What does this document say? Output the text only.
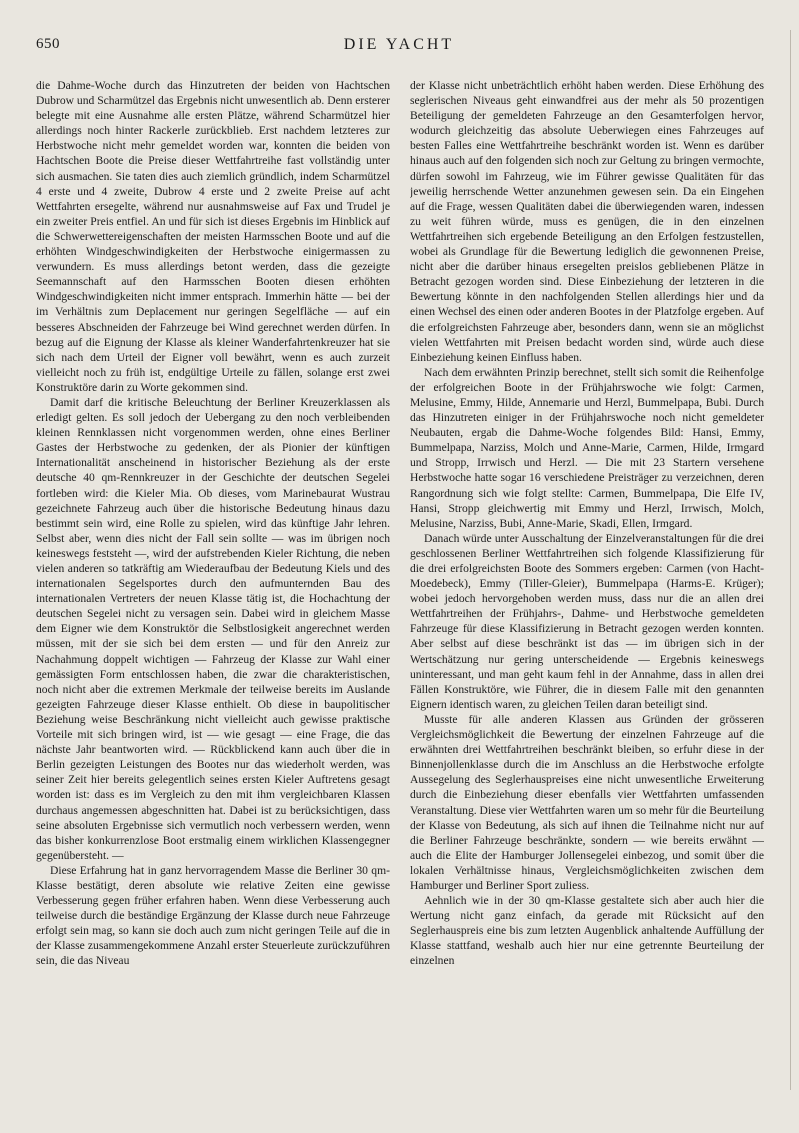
650	DIE YACHT

die Dahme-Woche durch das Hinzutreten der beiden von Hachtschen Dubrow und Scharmützel das Ergebnis nicht unwesentlich ab. Denn ersterer belegte mit eine Ausnahme alle ersten Plätze, während Scharmützel hier allerdings noch hinter Rackerle zurückblieb. Erst nachdem letzteres zur Herbstwoche nicht mehr gemeldet worden war, konnten die beiden von Hachtschen Boote die Preise dieser Wettfahrtreihe fast vollständig unter sich ausmachen. Sie taten dies auch ziemlich gründlich, indem Scharmützel 4 erste und 4 zweite, Dubrow 4 erste und 2 zweite Preise auf acht Wettfahrten ersegelte, während nur ausnahmsweise auf Fax und Trudel je ein zweiter Preis entfiel. An und für sich ist dieses Ergebnis im Hinblick auf die Schwerwettereigenschaften der meisten Harmsschen Boote und auf die erhöhten Windgeschwindigkeiten der Herbstwoche einigermassen zu verwundern. Es muss allerdings betont werden, dass die gezeigte Seemannschaft auf den Harmsschen Booten diesen erhöhten Windgeschwindigkeiten nicht immer entsprach. Immerhin hätte — bei der im Verhältnis zum Deplacement nur geringen Segelfläche — auf ein besseres Abschneiden der Fahrzeuge bei Wind gerechnet werden dürfen. In bezug auf die Eignung der Klasse als kleiner Wanderfahrtenkreuzer hat sie sich nach dem Urteil der Eigner voll bewährt, wenn es auch zurzeit vielleicht noch zu früh ist, endgültige Urteile zu fällen, solange erst zwei Konstruktöre darin zu Worte gekommen sind.

Damit darf die kritische Beleuchtung der Berliner Kreuzerklassen als erledigt gelten. Es soll jedoch der Uebergang zu den noch verbleibenden kleinen Rennklassen nicht vorgenommen werden, ohne eines Berliner Gastes der Herbstwoche zu gedenken, der als Pionier der künftigen Internationalität anscheinend in historischer Beziehung als der erste deutsche 40 qm-Rennkreuzer in der Geschichte der deutschen Segelei fortleben wird: die Kieler Mia. Ob dieses, vom Marinebaurat Wustrau gezeichnete Fahrzeug auch über die historische Bedeutung hinaus dazu bestimmt sein wird, eine Rolle zu spielen, wird das künftige Jahr lehren. Selbst aber, wenn dies nicht der Fall sein sollte — was im übrigen noch keineswegs feststeht —, wird der aufstrebenden Kieler Richtung, die neben vielen anderen so tatkräftig am Wiederaufbau der Bedeutung Kiels und des internationalen Segelsportes durch den aufmunternden Bau des internationalen Vertreters der neuen Klasse tätig ist, die Hochachtung der deutschen Segelei nicht zu versagen sein. Dabei wird in gleichem Masse dem Eigner wie dem Konstruktör die Selbstlosigkeit angerechnet werden müssen, mit der sie sich bei dem ersten — und für den Anreiz zur Nachahmung doppelt wichtigen — Fahrzeug der Klasse zur Wahl einer gemässigten Form entschlossen haben, die zwar die charakteristischen, noch nicht aber die extremen Merkmale der teilweise bereits im Auslande gezeigten Fahrzeuge dieser Klasse enthielt. Ob diese in baupolitischer Beziehung weise Beschränkung nicht vielleicht auch gewisse praktische Vorteile mit sich bringen wird, ist — wie gesagt — eine Frage, die das nächste Jahr beantworten wird. — Rückblickend kann auch über die in Berlin gezeigten Leistungen des Bootes nur das wiederholt werden, was seiner Zeit hier bereits gelegentlich seines ersten Kieler Auftretens gesagt worden ist: dass es im Vergleich zu den mit ihm vergleichbaren Klassen durchaus angemessen abgeschnitten hat. Dabei ist zu berücksichtigen, dass seine absoluten Ergebnisse sich vermutlich noch verbessern werden, wenn das bisher konkurrenzlose Boot erstmalig einem wirklichen Klassengegner gegenübersteht. —

Diese Erfahrung hat in ganz hervorragendem Masse die Berliner 30 qm-Klasse bestätigt, deren absolute wie relative Zeiten eine gewisse Verbesserung gegen früher erfahren haben. Wenn diese Verbesserung auch teilweise durch die beständige Ergänzung der Klasse durch neue Fahrzeuge erfolgt sein mag, so kann sie doch auch zum nicht geringen Teile auf die in der Klasse zusammengekommene Anzahl erster Steuerleute zurückzuführen sein, die das Niveau

der Klasse nicht unbeträchtlich erhöht haben werden. Diese Erhöhung des seglerischen Niveaus geht einwandfrei aus der mehr als 50 prozentigen Beteiligung der gemeldeten Fahrzeuge an den Gesamterfolgen hervor, wodurch gleichzeitig das absolute Ueberwiegen eines Fahrzeuges auf besten Falles eine Wettfahrtreihe beschränkt worden ist. Wenn es darüber hinaus auch auf den folgenden sich noch zur Geltung zu bringen vermochte, dürfen sowohl im Fahrzeug, wie im Führer gewisse Qualitäten für das jeweilig herrschende Wetter anzunehmen gewesen sein. Da ein Eingehen auf die Frage, wessen Qualitäten dabei die überwiegenden waren, indessen zu weit führen würde, muss es genügen, die in den einzelnen Wettfahrtreihen sich ergebende Beteiligung an den Erfolgen festzustellen, wobei als Grundlage für die Bewertung lediglich die gewonnenen Preise, nicht aber die darüber hinaus ersegelten preislos gebliebenen Plätze in Betracht gezogen worden sind. Diese Einbeziehung der letzteren in die Bewertung könnte in den nachfolgenden Stellen allerdings hier und da einen Wechsel des einen oder anderen Bootes in der Platzfolge ergeben. Auf die erfolgreichsten Fahrzeuge aber, besonders dann, wenn sie an möglichst vielen Wettfahrten mit Preisen bedacht worden sind, würde auch diese Einbeziehung keinen Einfluss haben.

Nach dem erwähnten Prinzip berechnet, stellt sich somit die Reihenfolge der erfolgreichen Boote in der Frühjahrswoche wie folgt: Carmen, Melusine, Emmy, Hilde, Annemarie und Herzl, Bummelpapa, Bubi. Durch das Hinzutreten einiger in der Frühjahrswoche noch nicht gemeldeter Neubauten, ergab die Dahme-Woche folgendes Bild: Hansi, Emmy, Bummelpapa, Narziss, Molch und Anne-Marie, Carmen, Hilde, Irmgard und Stropp, Irrwisch und Herzl. — Die mit 23 Startern versehene Herbstwoche hatte sogar 16 verschiedene Preisträger zu verzeichnen, deren Rangordnung sich wie folgt stellte: Carmen, Bummelpapa, Die Elfe IV, Hansi, Stropp gleichwertig mit Emmy und Herzl, Irrwisch, Molch, Melusine, Narziss, Bubi, Anne-Marie, Skadi, Ellen, Irmgard.

Danach würde unter Ausschaltung der Einzelveranstaltungen für die drei geschlossenen Berliner Wettfahrtreihen sich folgende Klassifizierung für die drei erfolgreichsten Boote des Sommers ergeben: Carmen (von Hacht-Moedebeck), Emmy (Tiller-Gleier), Bummelpapa (Harms-E. Krüger); wobei jedoch hervorgehoben werden muss, dass nur die an allen drei Wettfahrtreihen der Frühjahrs-, Dahme- und Herbstwoche gemeldeten Fahrzeuge für diese Klassifizierung in Betracht gezogen werden konnten. Aber selbst auf diese beschränkt ist das — im übrigen sich in der Wertschätzung nur gering unterscheidende — Ergebnis keineswegs uninteressant, und man geht kaum fehl in der Annahme, dass in allen drei Fällen Konstruktöre, wie Führer, die in diesem Falle mit den genannten Eignern identisch waren, zu gleichen Teilen daran beteiligt sind.

Musste für alle anderen Klassen aus Gründen der grösseren Vergleichsmöglichkeit die Bewertung der einzelnen Fahrzeuge auf die erwähnten drei Wettfahrtreihen beschränkt bleiben, so erfuhr diese in der Binnenjollenklasse durch die im Anschluss an die Herbstwoche erfolgte Aussegelung des Seglerhauspreises eine nicht unwesentliche Erweiterung durch die Einbeziehung dieser ebenfalls vier Wettfahrten umfassenden Veranstaltung. Diese vier Wettfahrten waren um so mehr für die Beurteilung der Klasse von Bedeutung, als sich auf ihnen die Teilnahme nicht nur auf die Berliner Fahrzeuge beschränkte, sondern — wie bereits erwähnt — auch die Elite der Hamburger Jollensegelei einbezog, und somit über die lokalen Verhältnisse hinaus, Vergleichsmöglichkeiten zwischen dem Hamburger und Berliner Sport zuliess.

Aehnlich wie in der 30 qm-Klasse gestaltete sich aber auch hier die Wertung nicht ganz einfach, da gerade mit Rücksicht auf den Seglerhauspreis eine bis zum letzten Augenblick anhaltende Auffüllung der Klasse stattfand, weshalb auch hier nur eine getrennte Beurteilung der einzelnen
